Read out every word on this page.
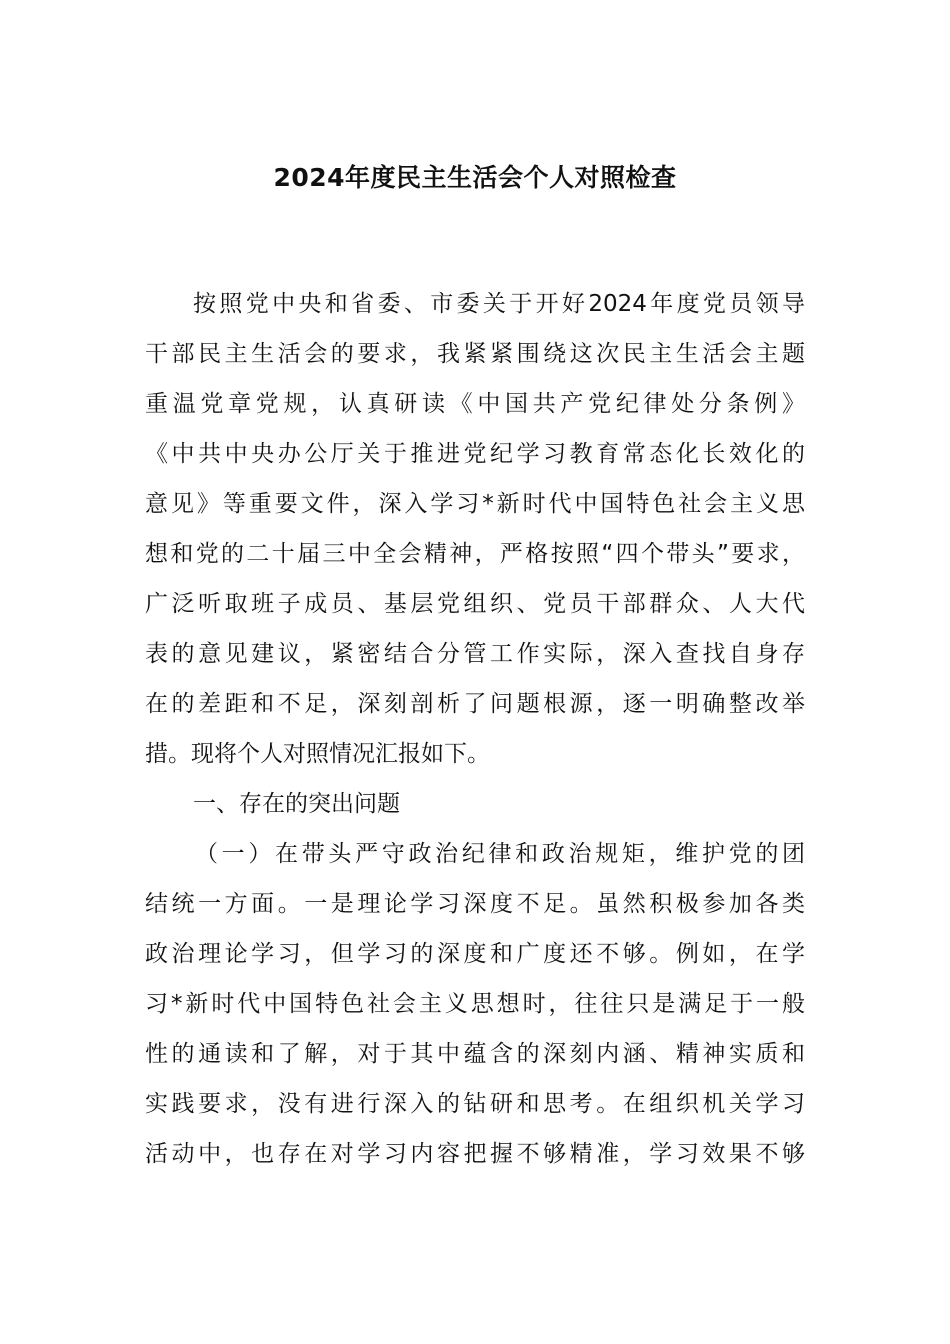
2024年度民主生活会个人对照检查
按照党中央和省委、市委关于开好2024年度党员领导
干部民主生活会的要求，我紧紧围绕这次民主生活会主题
重温党章党规，认真研读《中国共产党纪律处分条例》
《中共中央办公厅关于推进党纪学习教育常态化长效化的
意见》等重要文件，深入学习*新时代中国特色社会主义思
想和党的二十届三中全会精神，严格按照“四个带头”要求，
广泛听取班子成员、基层党组织、党员干部群众、人大代
表的意见建议，紧密结合分管工作实际，深入查找自身存
在的差距和不足，深刻剖析了问题根源，逐一明确整改举
措。现将个人对照情况汇报如下。
一、存在的突出问题
（一）在带头严守政治纪律和政治规矩，维护党的团
结统一方面。一是理论学习深度不足。虽然积极参加各类
政治理论学习，但学习的深度和广度还不够。例如，在学
习*新时代中国特色社会主义思想时，往往只是满足于一般
性的通读和了解，对于其中蕴含的深刻内涵、精神实质和
实践要求，没有进行深入的钻研和思考。在组织机关学习
活动中，也存在对学习内容把握不够精准，学习效果不够
